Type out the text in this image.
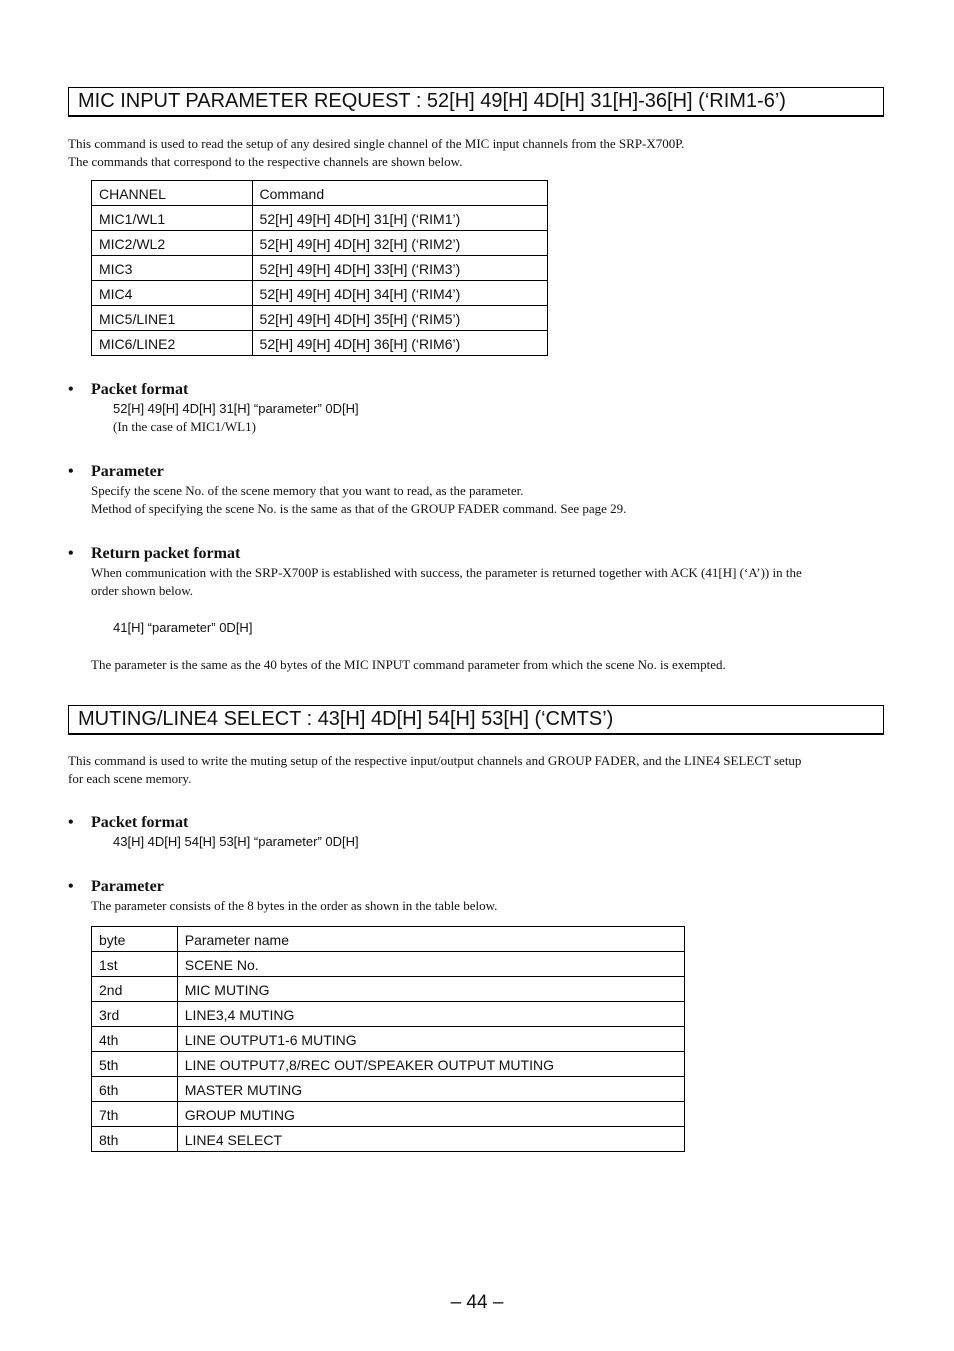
MIC INPUT PARAMETER REQUEST : 52[H] 49[H] 4D[H] 31[H]-36[H] (‘RIM1-6’)
This command is used to read the setup of any desired single channel of the MIC input channels from the SRP-X700P.
The commands that correspond to the respective channels are shown below.
CHANNEL	Command
MIC1/WL1	52[H] 49[H] 4D[H] 31[H] (‘RIM1’)
MIC2/WL2	52[H] 49[H] 4D[H] 32[H] (‘RIM2’)
MIC3	52[H] 49[H] 4D[H] 33[H] (‘RIM3’)
MIC4	52[H] 49[H] 4D[H] 34[H] (‘RIM4’)
MIC5/LINE1	52[H] 49[H] 4D[H] 35[H] (‘RIM5’)
MIC6/LINE2	52[H] 49[H] 4D[H] 36[H] (‘RIM6’)
• Packet format
52[H] 49[H] 4D[H] 31[H] “parameter” 0D[H]
(In the case of MIC1/WL1)
• Parameter
Specify the scene No. of the scene memory that you want to read, as the parameter.
Method of specifying the scene No. is the same as that of the GROUP FADER command. See page 29.
• Return packet format
When communication with the SRP-X700P is established with success, the parameter is returned together with ACK (41[H] (‘A’)) in the
order shown below.
41[H] “parameter” 0D[H]
The parameter is the same as the 40 bytes of the MIC INPUT command parameter from which the scene No. is exempted.
MUTING/LINE4 SELECT : 43[H] 4D[H] 54[H] 53[H] (‘CMTS’)
This command is used to write the muting setup of the respective input/output channels and GROUP FADER, and the LINE4 SELECT setup
for each scene memory.
• Packet format
43[H] 4D[H] 54[H] 53[H] “parameter” 0D[H]
• Parameter
The parameter consists of the 8 bytes in the order as shown in the table below.
byte	Parameter name
1st	SCENE No.
2nd	MIC MUTING
3rd	LINE3,4 MUTING
4th	LINE OUTPUT1-6 MUTING
5th	LINE OUTPUT7,8/REC OUT/SPEAKER OUTPUT MUTING
6th	MASTER MUTING
7th	GROUP MUTING
8th	LINE4 SELECT
– 44 –
